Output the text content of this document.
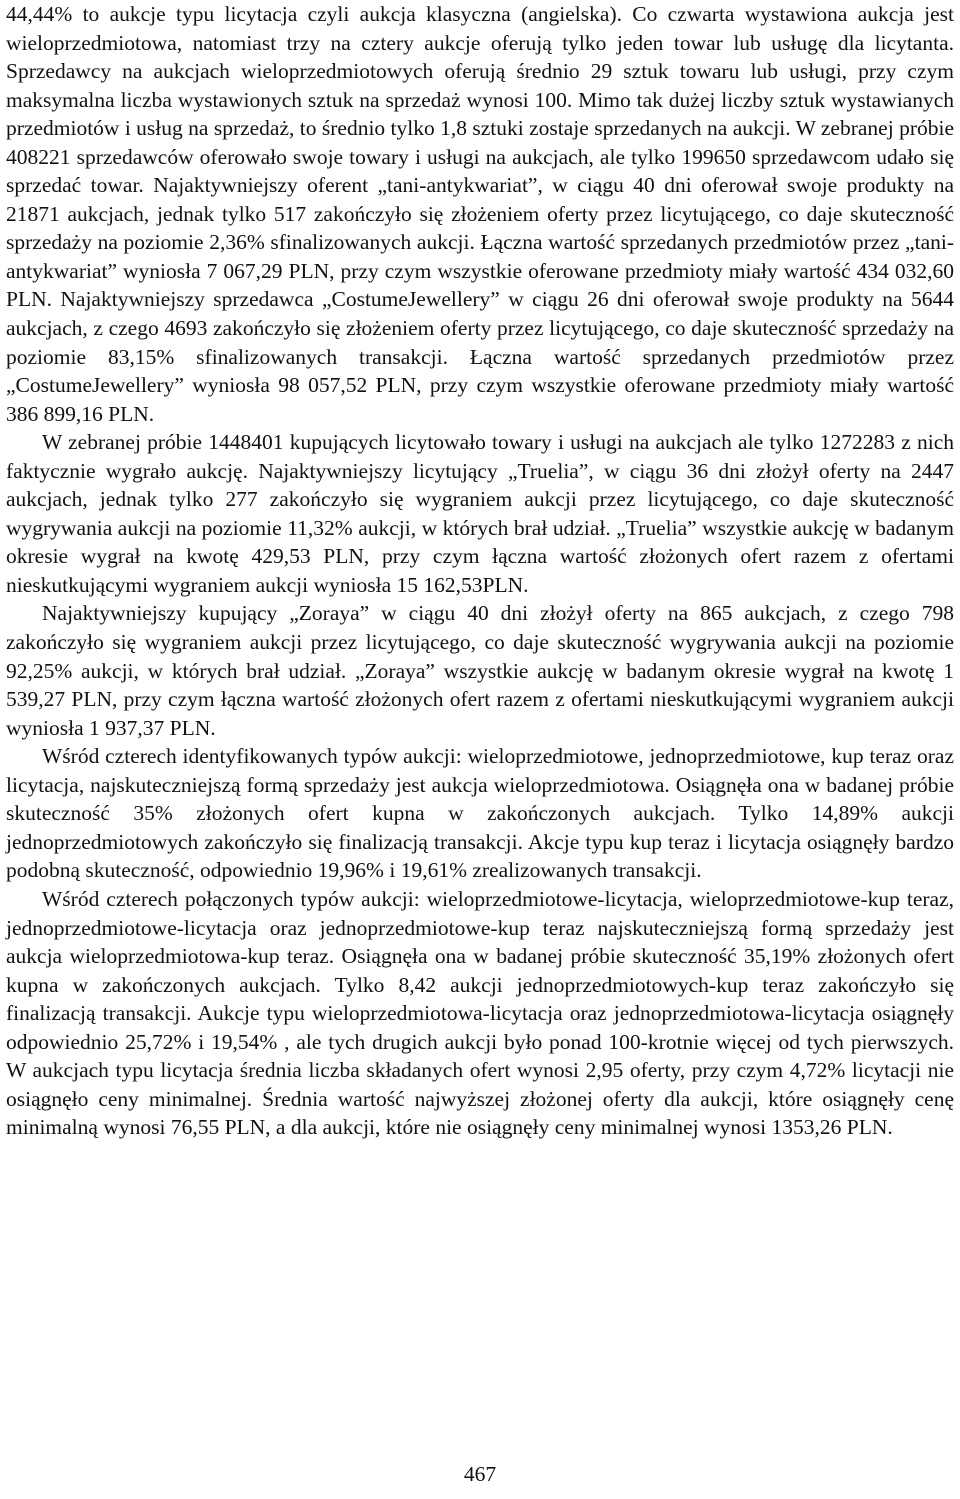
44,44% to aukcje typu licytacja czyli aukcja klasyczna (angielska). Co czwarta wystawiona aukcja jest wieloprzedmiotowa, natomiast trzy na cztery aukcje oferują tylko jeden towar lub usługę dla licytanta. Sprzedawcy na aukcjach wieloprzedmiotowych oferują średnio 29 sztuk towaru lub usługi, przy czym maksymalna liczba wystawionych sztuk na sprzedaż wynosi 100. Mimo tak dużej liczby sztuk wystawianych przedmiotów i usług na sprzedaż, to średnio tylko 1,8 sztuki zostaje sprzedanych na aukcji. W zebranej próbie 408221 sprzedawców oferowało swoje towary i usługi na aukcjach, ale tylko 199650 sprzedawcom udało się sprzedać towar. Najaktywniejszy oferent „tani-antykwariat”, w ciągu 40 dni oferował swoje produkty na 21871 aukcjach, jednak tylko 517 zakończyło się złożeniem oferty przez licytującego, co daje skuteczność sprzedaży na poziomie 2,36% sfinalizowanych aukcji. Łączna wartość sprzedanych przedmiotów przez „tani-antykwariat” wyniosła 7 067,29 PLN, przy czym wszystkie oferowane przedmioty miały wartość 434 032,60 PLN. Najaktywniejszy sprzedawca „CostumeJewellery” w ciągu 26 dni oferował swoje produkty na 5644 aukcjach, z czego 4693 zakończyło się złożeniem oferty przez licytującego, co daje skuteczność sprzedaży na poziomie 83,15% sfinalizowanych transakcji. Łączna wartość sprzedanych przedmiotów przez „CostumeJewellery” wyniosła 98 057,52 PLN, przy czym wszystkie oferowane przedmioty miały wartość 386 899,16 PLN.

W zebranej próbie 1448401 kupujących licytowało towary i usługi na aukcjach ale tylko 1272283 z nich faktycznie wygrało aukcję. Najaktywniejszy licytujący „Truelia”, w ciągu 36 dni złożył oferty na 2447 aukcjach, jednak tylko 277 zakończyło się wygraniem aukcji przez licytującego, co daje skuteczność wygrywania aukcji na poziomie 11,32% aukcji, w których brał udział. „Truelia” wszystkie aukcję w badanym okresie wygrał na kwotę 429,53 PLN, przy czym łączna wartość złożonych ofert razem z ofertami nieskutkującymi wygraniem aukcji wyniosła 15 162,53PLN.

Najaktywniejszy kupujący „Zoraya” w ciągu 40 dni złożył oferty na 865 aukcjach, z czego 798 zakończyło się wygraniem aukcji przez licytującego, co daje skuteczność wygrywania aukcji na poziomie 92,25% aukcji, w których brał udział. „Zoraya” wszystkie aukcję w badanym okresie wygrał na kwotę 1 539,27 PLN, przy czym łączna wartość złożonych ofert razem z ofertami nieskutkującymi wygraniem aukcji wyniosła 1 937,37 PLN.

Wśród czterech identyfikowanych typów aukcji: wieloprzedmiotowe, jednoprzedmiotowe, kup teraz oraz licytacja, najskuteczniejszą formą sprzedaży jest aukcja wieloprzedmiotowa. Osiągnęła ona w badanej próbie skuteczność 35% złożonych ofert kupna w zakończonych aukcjach. Tylko 14,89% aukcji jednoprzedmiotowych zakończyło się finalizacją transakcji. Akcje typu kup teraz i licytacja osiągnęły bardzo podobną skuteczność, odpowiednio 19,96% i 19,61% zrealizowanych transakcji.

Wśród czterech połączonych typów aukcji: wieloprzedmiotowe-licytacja, wieloprzedmiotowe-kup teraz, jednoprzedmiotowe-licytacja oraz jednoprzedmiotowe-kup teraz najskuteczniejszą formą sprzedaży jest aukcja wieloprzedmiotowa-kup teraz. Osiągnęła ona w badanej próbie skuteczność 35,19% złożonych ofert kupna w zakończonych aukcjach. Tylko 8,42 aukcji jednoprzedmiotowych-kup teraz zakończyło się finalizacją transakcji. Aukcje typu wieloprzedmiotowa-licytacja oraz jednoprzedmiotowa-licytacja osiągnęły odpowiednio 25,72% i 19,54% , ale tych drugich aukcji było ponad 100-krotnie więcej od tych pierwszych. W aukcjach typu licytacja średnia liczba składanych ofert wynosi 2,95 oferty, przy czym 4,72% licytacji nie osiągnęło ceny minimalnej. Średnia wartość najwyższej złożonej oferty dla aukcji, które osiągnęły cenę minimalną wynosi 76,55 PLN, a dla aukcji, które nie osiągnęły ceny minimalnej wynosi 1353,26 PLN.

467
